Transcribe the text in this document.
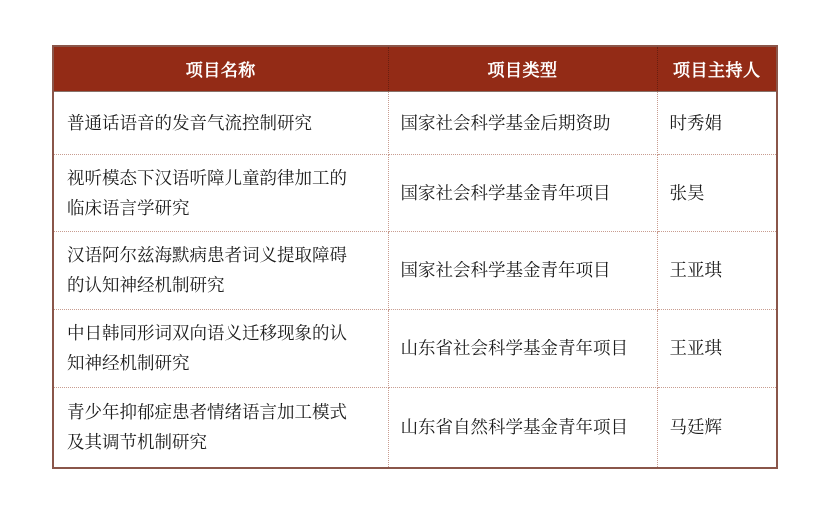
项目名称	项目类型	项目主持人
普通话语音的发音气流控制研究	国家社会科学基金后期资助	时秀娟
视听模态下汉语听障儿童韵律加工的临床语言学研究	国家社会科学基金青年项目	张昊
汉语阿尔兹海默病患者词义提取障碍的认知神经机制研究	国家社会科学基金青年项目	王亚琪
中日韩同形词双向语义迁移现象的认知神经机制研究	山东省社会科学基金青年项目	王亚琪
青少年抑郁症患者情绪语言加工模式及其调节机制研究	山东省自然科学基金青年项目	马廷辉
